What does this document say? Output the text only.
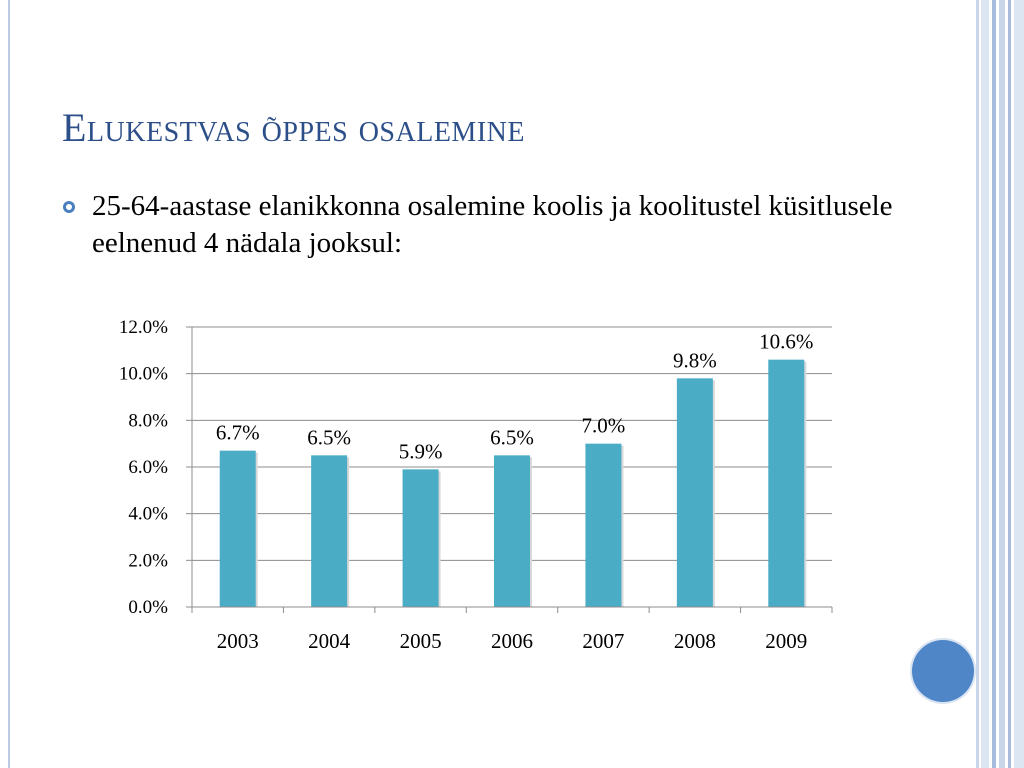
Elukestvas õppes osalemine
25-64-aastase elanikkonna osalemine koolis ja koolitustel küsitlusele eelnenud 4 nädala jooksul:
0.0%
2.0%
4.0%
6.0%
8.0%
10.0%
12.0%
6.7%
2003
6.5%
2004
5.9%
2005
6.5%
2006
7.0%
2007
9.8%
2008
10.6%
2009
